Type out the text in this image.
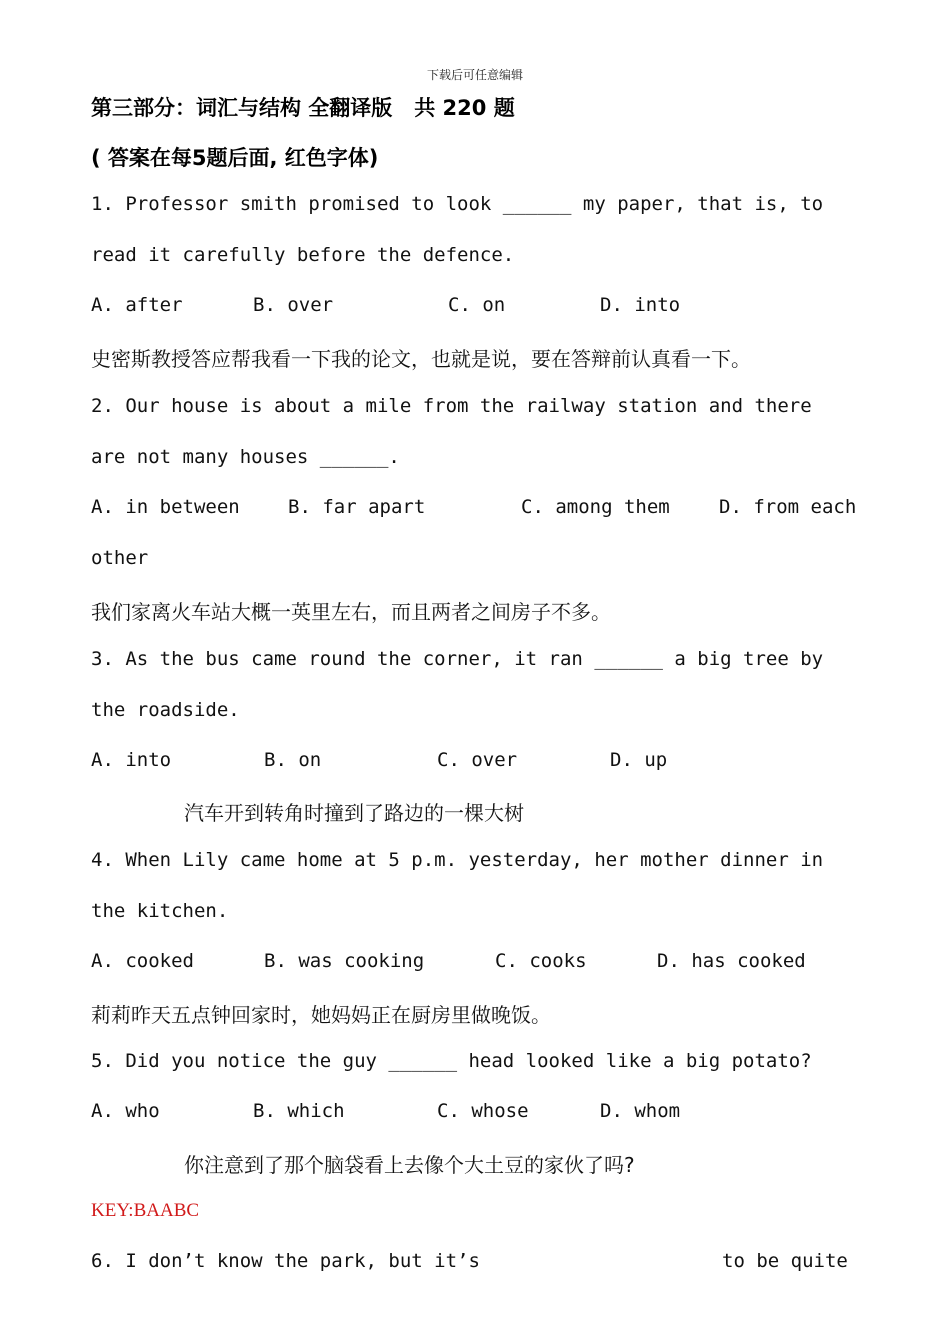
下载后可任意编辑
第三部分：词汇与结构 全翻译版   共 220 题
( 答案在每5题后面, 红色字体)
1. Professor smith promised to look ______ my paper, that is, to
read it carefully before the defence.
A. after	B. over	C. on	D. into
史密斯教授答应帮我看一下我的论文，也就是说，要在答辩前认真看一下。
2. Our house is about a mile from the railway station and there
are not many houses ______.
A. in between	B. far apart	C. among them	D. from each
other
我们家离火车站大概一英里左右，而且两者之间房子不多。
3. As the bus came round the corner, it ran ______ a big tree by
the roadside.
A. into	B. on	C. over	D. up
汽车开到转角时撞到了路边的一棵大树
4. When Lily came home at 5 p.m. yesterday, her mother dinner in
the kitchen.
A. cooked	B. was cooking	C. cooks	D. has cooked
莉莉昨天五点钟回家时，她妈妈正在厨房里做晚饭。
5. Did you notice the guy ______ head looked like a big potato?
A. who	B. which	C. whose	D. whom
你注意到了那个脑袋看上去像个大土豆的家伙了吗?
KEY:BAABC
6. I don’t know the park, but it’s	to be quite
